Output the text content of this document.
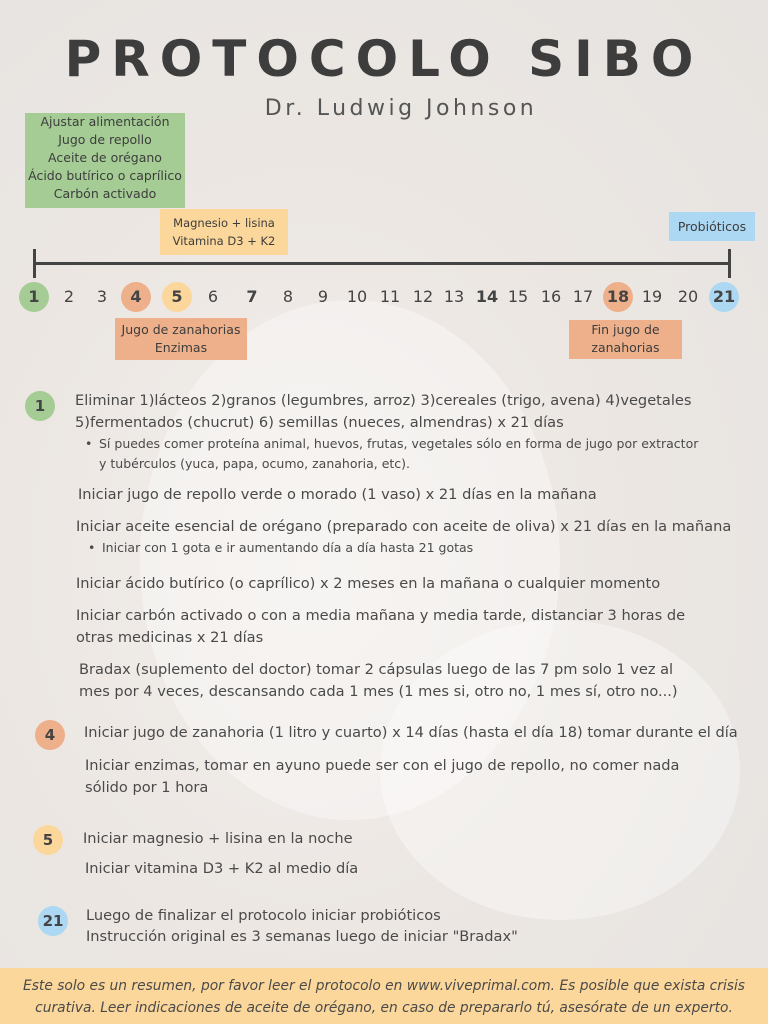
PROTOCOLO SIBO
Dr. Ludwig Johnson
Ajustar alimentación
Jugo de repollo
Aceite de orégano
Ácido butírico o caprílico
Carbón activado
Magnesio + lisina
Vitamina D3 + K2
Probióticos
1	2	3	4	5	6	7	8	9	10 11 12 13 14 15 16 17 18 19 20 21
Jugo de zanahorias
Enzimas
Fin jugo de
zanahorias
1	Eliminar 1)lácteos 2)granos (legumbres, arroz) 3)cereales (trigo, avena) 4)vegetales 5)fermentados (chucrut) 6) semillas (nueces, almendras) x 21 días
• Sí puedes comer proteína animal, huevos, frutas, vegetales sólo en forma de jugo por extractor y tubérculos (yuca, papa, ocumo, zanahoria, etc).
Iniciar jugo de repollo verde o morado (1 vaso) x 21 días en la mañana
Iniciar aceite esencial de orégano (preparado con aceite de oliva) x 21 días en la mañana
• Iniciar con 1 gota e ir aumentando día a día hasta 21 gotas
Iniciar ácido butírico (o caprílico) x 2 meses en la mañana o cualquier momento
Iniciar carbón activado o con a media mañana y media tarde, distanciar 3 horas de otras medicinas x 21 días
Bradax (suplemento del doctor) tomar 2 cápsulas luego de las 7 pm solo 1 vez al mes por 4 veces, descansando cada 1 mes (1 mes si, otro no, 1 mes sí, otro no...)
4	Iniciar jugo de zanahoria (1 litro y cuarto) x 14 días (hasta el día 18) tomar durante el día
Iniciar enzimas, tomar en ayuno puede ser con el jugo de repollo, no comer nada sólido por 1 hora
5	Iniciar magnesio + lisina en la noche
Iniciar vitamina D3 + K2 al medio día
21	Luego de finalizar el protocolo iniciar probióticos
Instrucción original es 3 semanas luego de iniciar "Bradax"
Este solo es un resumen, por favor leer el protocolo en www.viveprimal.com. Es posible que exista crisis
curativa. Leer indicaciones de aceite de orégano, en caso de prepararlo tú, asesórate de un experto.
